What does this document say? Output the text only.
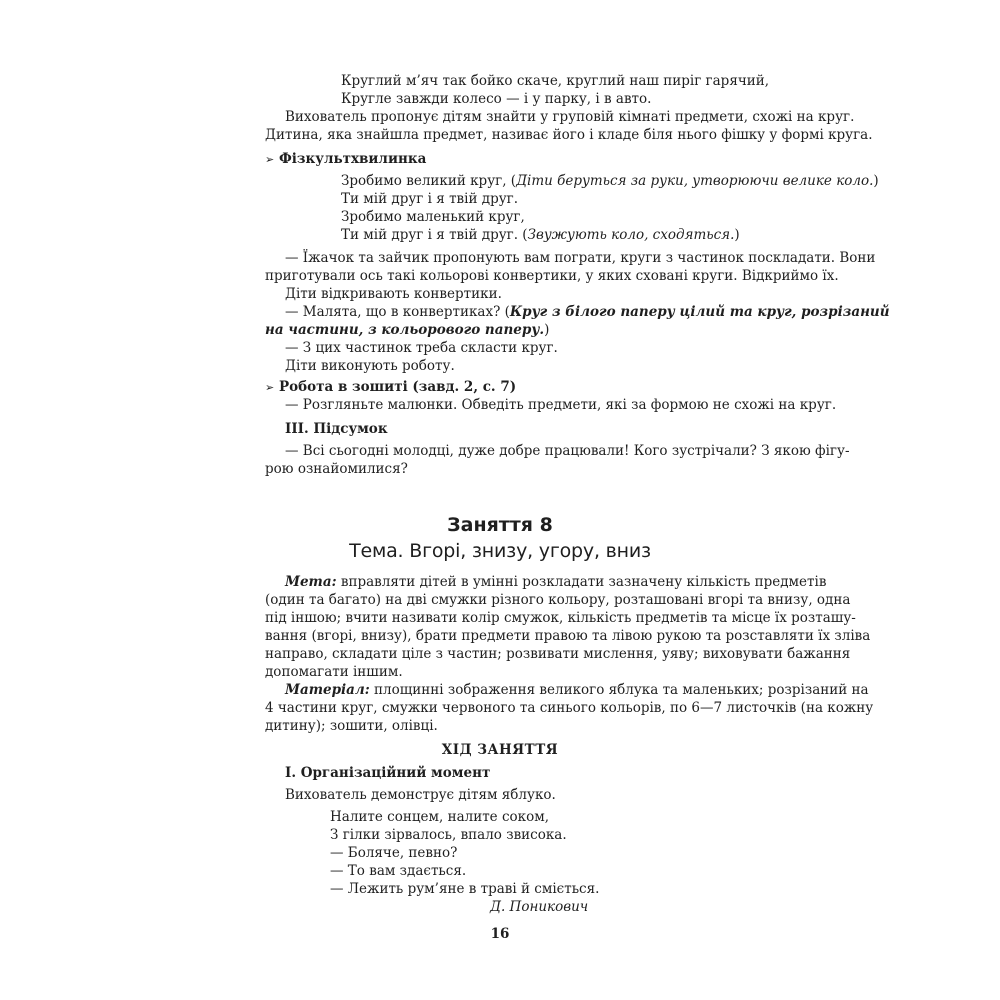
Круглий м’яч так бойко скаче, круглий наш пиріг гарячий,
Кругле завжди колесо — і у парку, і в авто.
Вихователь пропонує дітям знайти у груповій кімнаті предмети, схожі на круг.
Дитина, яка знайшла предмет, називає його і кладе біля нього фішку у формі круга.
➢ Фізкультхвилинка
Зробимо великий круг, (Діти беруться за руки, утворюючи велике коло.)
Ти мій друг і я твій друг.
Зробимо маленький круг,
Ти мій друг і я твій друг. (Звужують коло, сходяться.)
— Їжачок та зайчик пропонують вам пограти, круги з частинок поскладати. Вони
приготували ось такі кольорові конвертики, у яких сховані круги. Відкриймо їх.
Діти відкривають конвертики.
— Малята, що в конвертиках? (Круг з білого паперу цілий та круг, розрізаний
на частини, з кольорового паперу.)
— З цих частинок треба скласти круг.
Діти виконують роботу.
➢ Робота в зошиті (завд. 2, с. 7)
— Розгляньте малюнки. Обведіть предмети, які за формою не схожі на круг.
ІІІ. Підсумок
— Всі сьогодні молодці, дуже добре працювали! Кого зустрічали? З якою фігу-
рою ознайомилися?
Заняття 8
Тема. Вгорі, знизу, угору, вниз
Мета: вправляти дітей в умінні розкладати зазначену кількість предметів
(один та багато) на дві смужки різного кольору, розташовані вгорі та внизу, одна
під іншою; вчити називати колір смужок, кількість предметів та місце їх розташу-
вання (вгорі, внизу), брати предмети правою та лівою рукою та розставляти їх зліва
направо, складати ціле з частин; розвивати мислення, уяву; виховувати бажання
допомагати іншим.
Матеріал: площинні зображення великого яблука та маленьких; розрізаний на
4 частини круг, смужки червоного та синього кольорів, по 6—7 листочків (на кожну
дитину); зошити, олівці.
ХІД ЗАНЯТТЯ
І. Організаційний момент
Вихователь демонструє дітям яблуко.
Налите сонцем, налите соком,
З гілки зірвалось, впало звисока.
— Боляче, певно?
— То вам здається.
— Лежить рум’яне в траві й сміється.
Д. Поникович
16
